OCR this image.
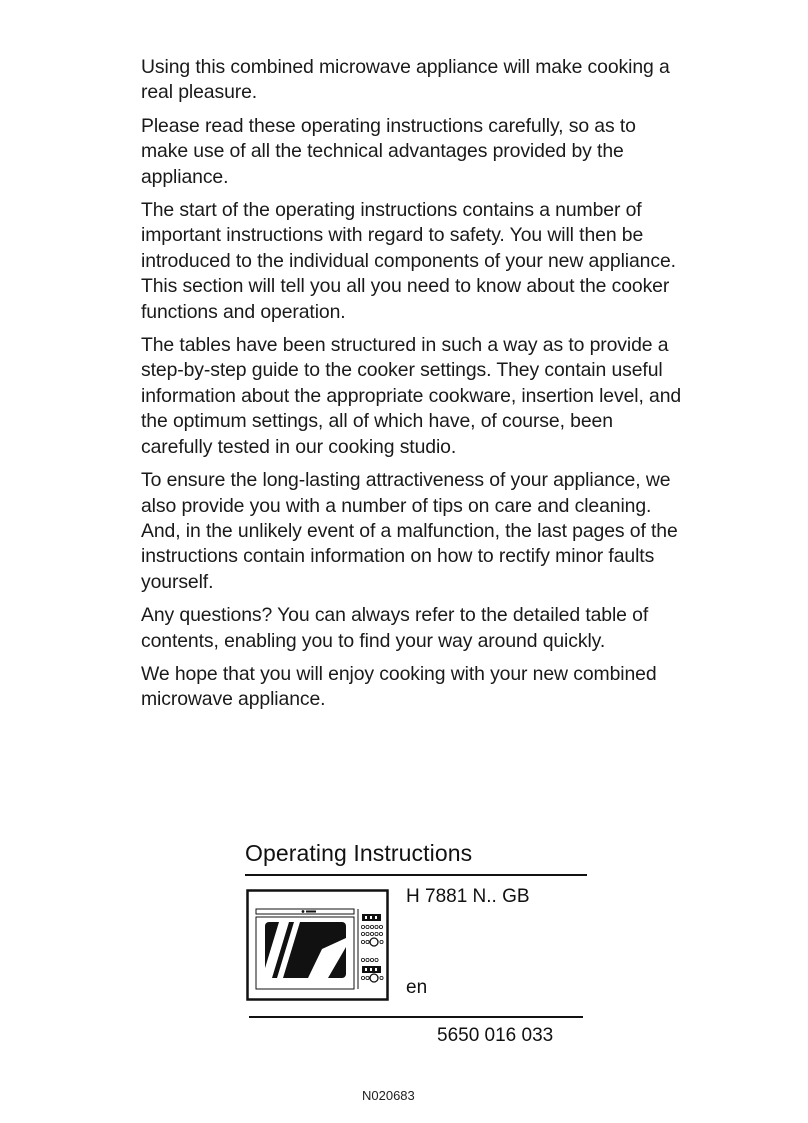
Using this combined microwave appliance will make cooking a real pleasure.

Please read these operating instructions carefully, so as to make use of all the technical advantages provided by the appliance.

The start of the operating instructions contains a number of important instructions with regard to safety. You will then be introduced to the individual components of your new appliance. This section will tell you all you need to know about the cooker functions and operation.

The tables have been structured in such a way as to provide a step-by-step guide to the cooker settings. They contain useful information about the appropriate cookware, insertion level, and the optimum settings, all of which have, of course, been carefully tested in our cooking studio.

To ensure the long-lasting attractiveness of your appliance, we also provide you with a number of tips on care and cleaning. And, in the unlikely event of a malfunction, the last pages of the instructions contain information on how to rectify minor faults yourself.

Any questions? You can always refer to the detailed table of contents, enabling you to find your way around quickly.

We hope that you will enjoy cooking with your new combined microwave appliance.

Operating Instructions
H 7881 N.. GB
en
5650 016 033
N020683
